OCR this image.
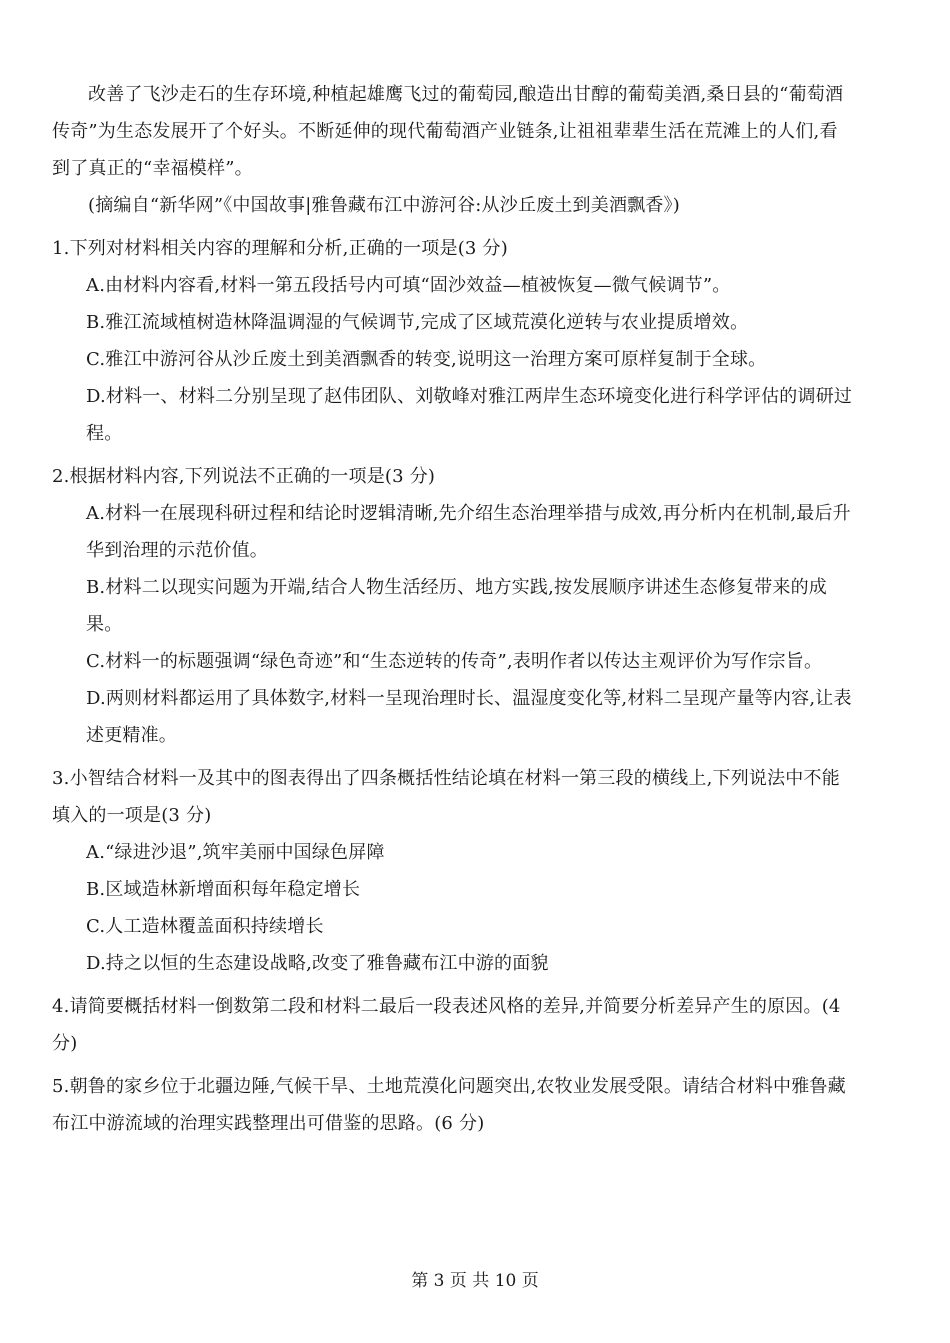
改善了飞沙走石的生存环境,种植起雄鹰飞过的葡萄园,酿造出甘醇的葡萄美酒,桑日县的“葡萄酒
传奇”为生态发展开了个好头。不断延伸的现代葡萄酒产业链条,让祖祖辈辈生活在荒滩上的人们,看
到了真正的“幸福模样”。
(摘编自“新华网”《中国故事|雅鲁藏布江中游河谷:从沙丘废土到美酒飘香》)
1.下列对材料相关内容的理解和分析,正确的一项是(3 分)
A.由材料内容看,材料一第五段括号内可填“固沙效益—植被恢复—微气候调节”。
B.雅江流域植树造林降温调湿的气候调节,完成了区域荒漠化逆转与农业提质增效。
C.雅江中游河谷从沙丘废土到美酒飘香的转变,说明这一治理方案可原样复制于全球。
D.材料一、材料二分别呈现了赵伟团队、刘敬峰对雅江两岸生态环境变化进行科学评估的调研过
程。
2.根据材料内容,下列说法不正确的一项是(3 分)
A.材料一在展现科研过程和结论时逻辑清晰,先介绍生态治理举措与成效,再分析内在机制,最后升
华到治理的示范价值。
B.材料二以现实问题为开端,结合人物生活经历、地方实践,按发展顺序讲述生态修复带来的成
果。
C.材料一的标题强调“绿色奇迹”和“生态逆转的传奇”,表明作者以传达主观评价为写作宗旨。
D.两则材料都运用了具体数字,材料一呈现治理时长、温湿度变化等,材料二呈现产量等内容,让表
述更精准。
3.小智结合材料一及其中的图表得出了四条概括性结论填在材料一第三段的横线上,下列说法中不能
填入的一项是(3 分)
A.“绿进沙退”,筑牢美丽中国绿色屏障
B.区域造林新增面积每年稳定增长
C.人工造林覆盖面积持续增长
D.持之以恒的生态建设战略,改变了雅鲁藏布江中游的面貌
4.请简要概括材料一倒数第二段和材料二最后一段表述风格的差异,并简要分析差异产生的原因。(4
分)
5.朝鲁的家乡位于北疆边陲,气候干旱、土地荒漠化问题突出,农牧业发展受限。请结合材料中雅鲁藏
布江中游流域的治理实践整理出可借鉴的思路。(6 分)
第 3 页 共 10 页
